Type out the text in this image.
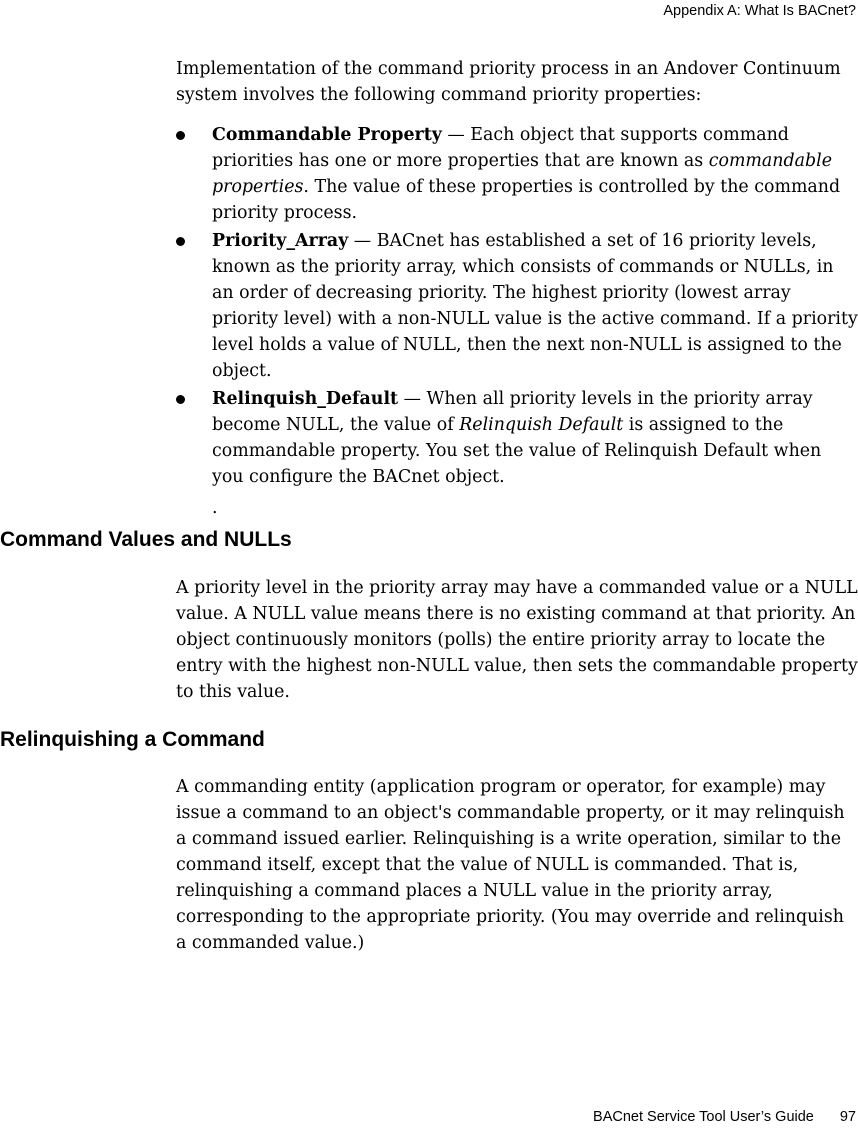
Appendix A: What Is BACnet?

Implementation of the command priority process in an Andover Continuum system involves the following command priority properties:

Commandable Property — Each object that supports command priorities has one or more properties that are known as commandable properties. The value of these properties is controlled by the command priority process.
Priority_Array — BACnet has established a set of 16 priority levels, known as the priority array, which consists of commands or NULLs, in an order of decreasing priority. The highest priority (lowest array priority level) with a non-NULL value is the active command. If a priority level holds a value of NULL, then the next non-NULL is assigned to the object.
Relinquish_Default — When all priority levels in the priority array become NULL, the value of Relinquish Default is assigned to the commandable property. You set the value of Relinquish Default when you configure the BACnet object.
.
Command Values and NULLs

A priority level in the priority array may have a commanded value or a NULL value. A NULL value means there is no existing command at that priority. An object continuously monitors (polls) the entire priority array to locate the entry with the highest non-NULL value, then sets the commandable property to this value.

Relinquishing a Command

A commanding entity (application program or operator, for example) may issue a command to an object's commandable property, or it may relinquish a command issued earlier. Relinquishing is a write operation, similar to the command itself, except that the value of NULL is commanded. That is, relinquishing a command places a NULL value in the priority array, corresponding to the appropriate priority. (You may override and relinquish a commanded value.)

BACnet Service Tool User’s Guide 97
